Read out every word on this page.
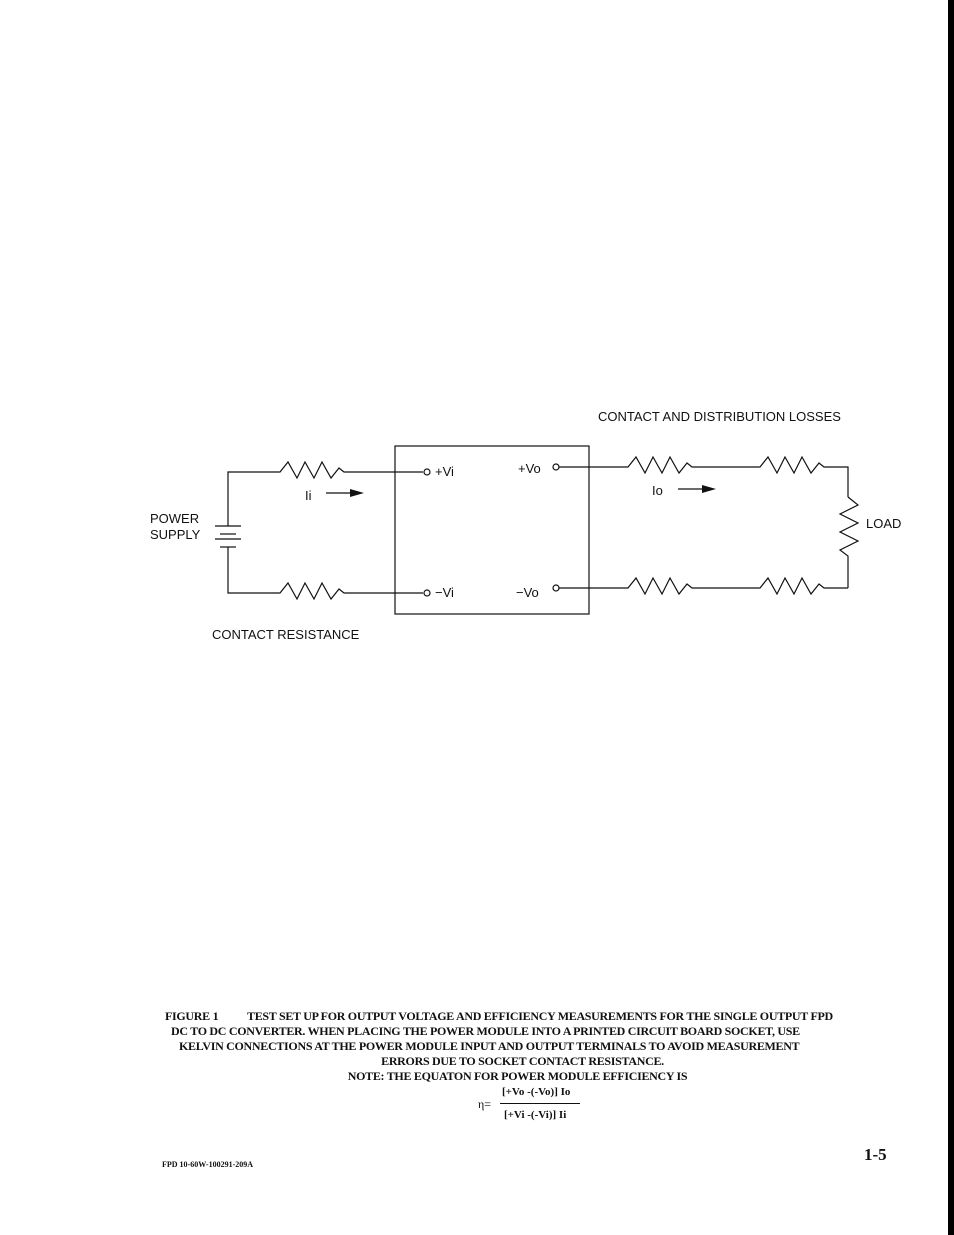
CONTACT AND DISTRIBUTION LOSSES
CONTACT RESISTANCE
POWER
SUPPLY
LOAD
Ii	Io
+Vi
−Vi
+Vo
−Vo
FIGURE 1 TEST SET UP FOR OUTPUT VOLTAGE AND EFFICIENCY MEASUREMENTS FOR THE SINGLE OUTPUT FPD
DC TO DC CONVERTER. WHEN PLACING THE POWER MODULE INTO A PRINTED CIRCUIT BOARD SOCKET, USE
KELVIN CONNECTIONS AT THE POWER MODULE INPUT AND OUTPUT TERMINALS TO AVOID MEASUREMENT
ERRORS DUE TO SOCKET CONTACT RESISTANCE.
NOTE: THE EQUATON FOR POWER MODULE EFFICIENCY IS
η=
[+Vo -(-Vo)] Io
[+Vi -(-Vi)] Ii
FPD 10-60W-100291-209A
1-5
